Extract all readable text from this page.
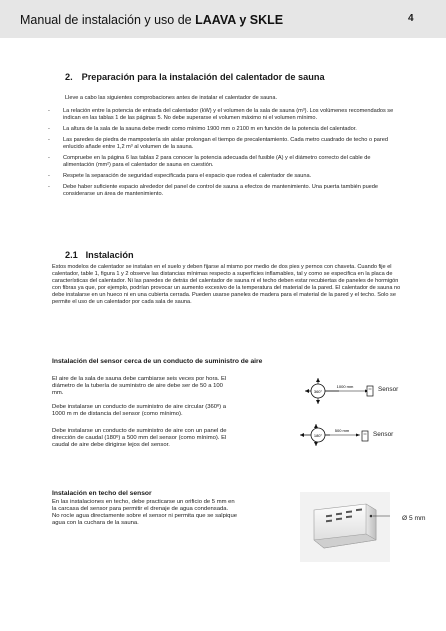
Manual de instalación y uso de LAAVA y SKLE	4
2. Preparación para la instalación del calentador de sauna
Lleve a cabo las siguientes comprobaciones antes de instalar el calentador de sauna.
-	La relación entre la potencia de entrada del calentador (kW) y el volumen de la sala de sauna (m³). Los volúmenes recomendados se indican en las tablas 1 de las páginas 5. No debe superarse el volumen máximo ni el volumen mínimo.
-	La altura de la sala de la sauna debe medir como mínimo 1900 mm o 2100 m en función de la potencia del calentador.
-	Las paredes de piedra de mampostería sin aislar prolongan el tiempo de precalentamiento. Cada metro cuadrado de techo o pared enlucido añade entre 1,2 m³ al volumen de la sauna.
-	Compruebe en la página 6 las tablas 2 para conocer la potencia adecuada del fusible (A) y el diámetro correcto del cable de alimentación (mm²) para el calentador de sauna en cuestión.
-	Respete la separación de seguridad especificada para el espacio que rodea el calentador de sauna.
-	Debe haber suficiente espacio alrededor del panel de control de sauna a efectos de mantenimiento. Una puerta también puede considerarse un área de mantenimiento.
2.1 Instalación
Estos modelos de calentador se instalan en el suelo y deben fijarse al mismo por medio de dos pies y pernos con chaveta. Cuando fije el calentador, table 1, figura 1 y 2 observe las distancias mínimas respecto a superficies inflamables, tal y como se especifica en la placa de características del calentador. Ni las paredes de detrás del calentador de sauna ni el techo deben estar recubiertas de paneles de hormigón con fibras ya que, por ejemplo, podrían provocar un aumento excesivo de la temperatura del material de la pared. El calentador de sauna no debe instalarse en un hueco ni en una cubierta cerrada. Pueden usarse paneles de madera para el material de la pared y el techo. Solo se permite el uso de un calentador por cada sala de sauna.
Instalación del sensor cerca de un conducto de suministro de aire
El aire de la sala de sauna debe cambiarse seis veces por hora. El diámetro de la tubería de suministro de aire debe ser de 50 a 100 mm.
Debe instalarse un conducto de suministro de aire circular (360º) a 1000 m m de distancia del sensor (como mínimo).
Debe instalarse un conducto de suministro de aire con un panel de dirección de caudal (180º) a 500 mm del sensor (como mínimo). El caudal de aire debe dirigirse lejos del sensor.
360°
1000 mm	Sensor
180°
500 mm
Sensor
Instalación en techo del sensor
En las instalaciones en techo, debe practicarse un orificio de 5 mm en la carcasa del sensor para permitir el drenaje de agua condensada. No rocíe agua directamente sobre el sensor ni permita que se salpique agua con la cuchara de la sauna.
Ø 5 mm
